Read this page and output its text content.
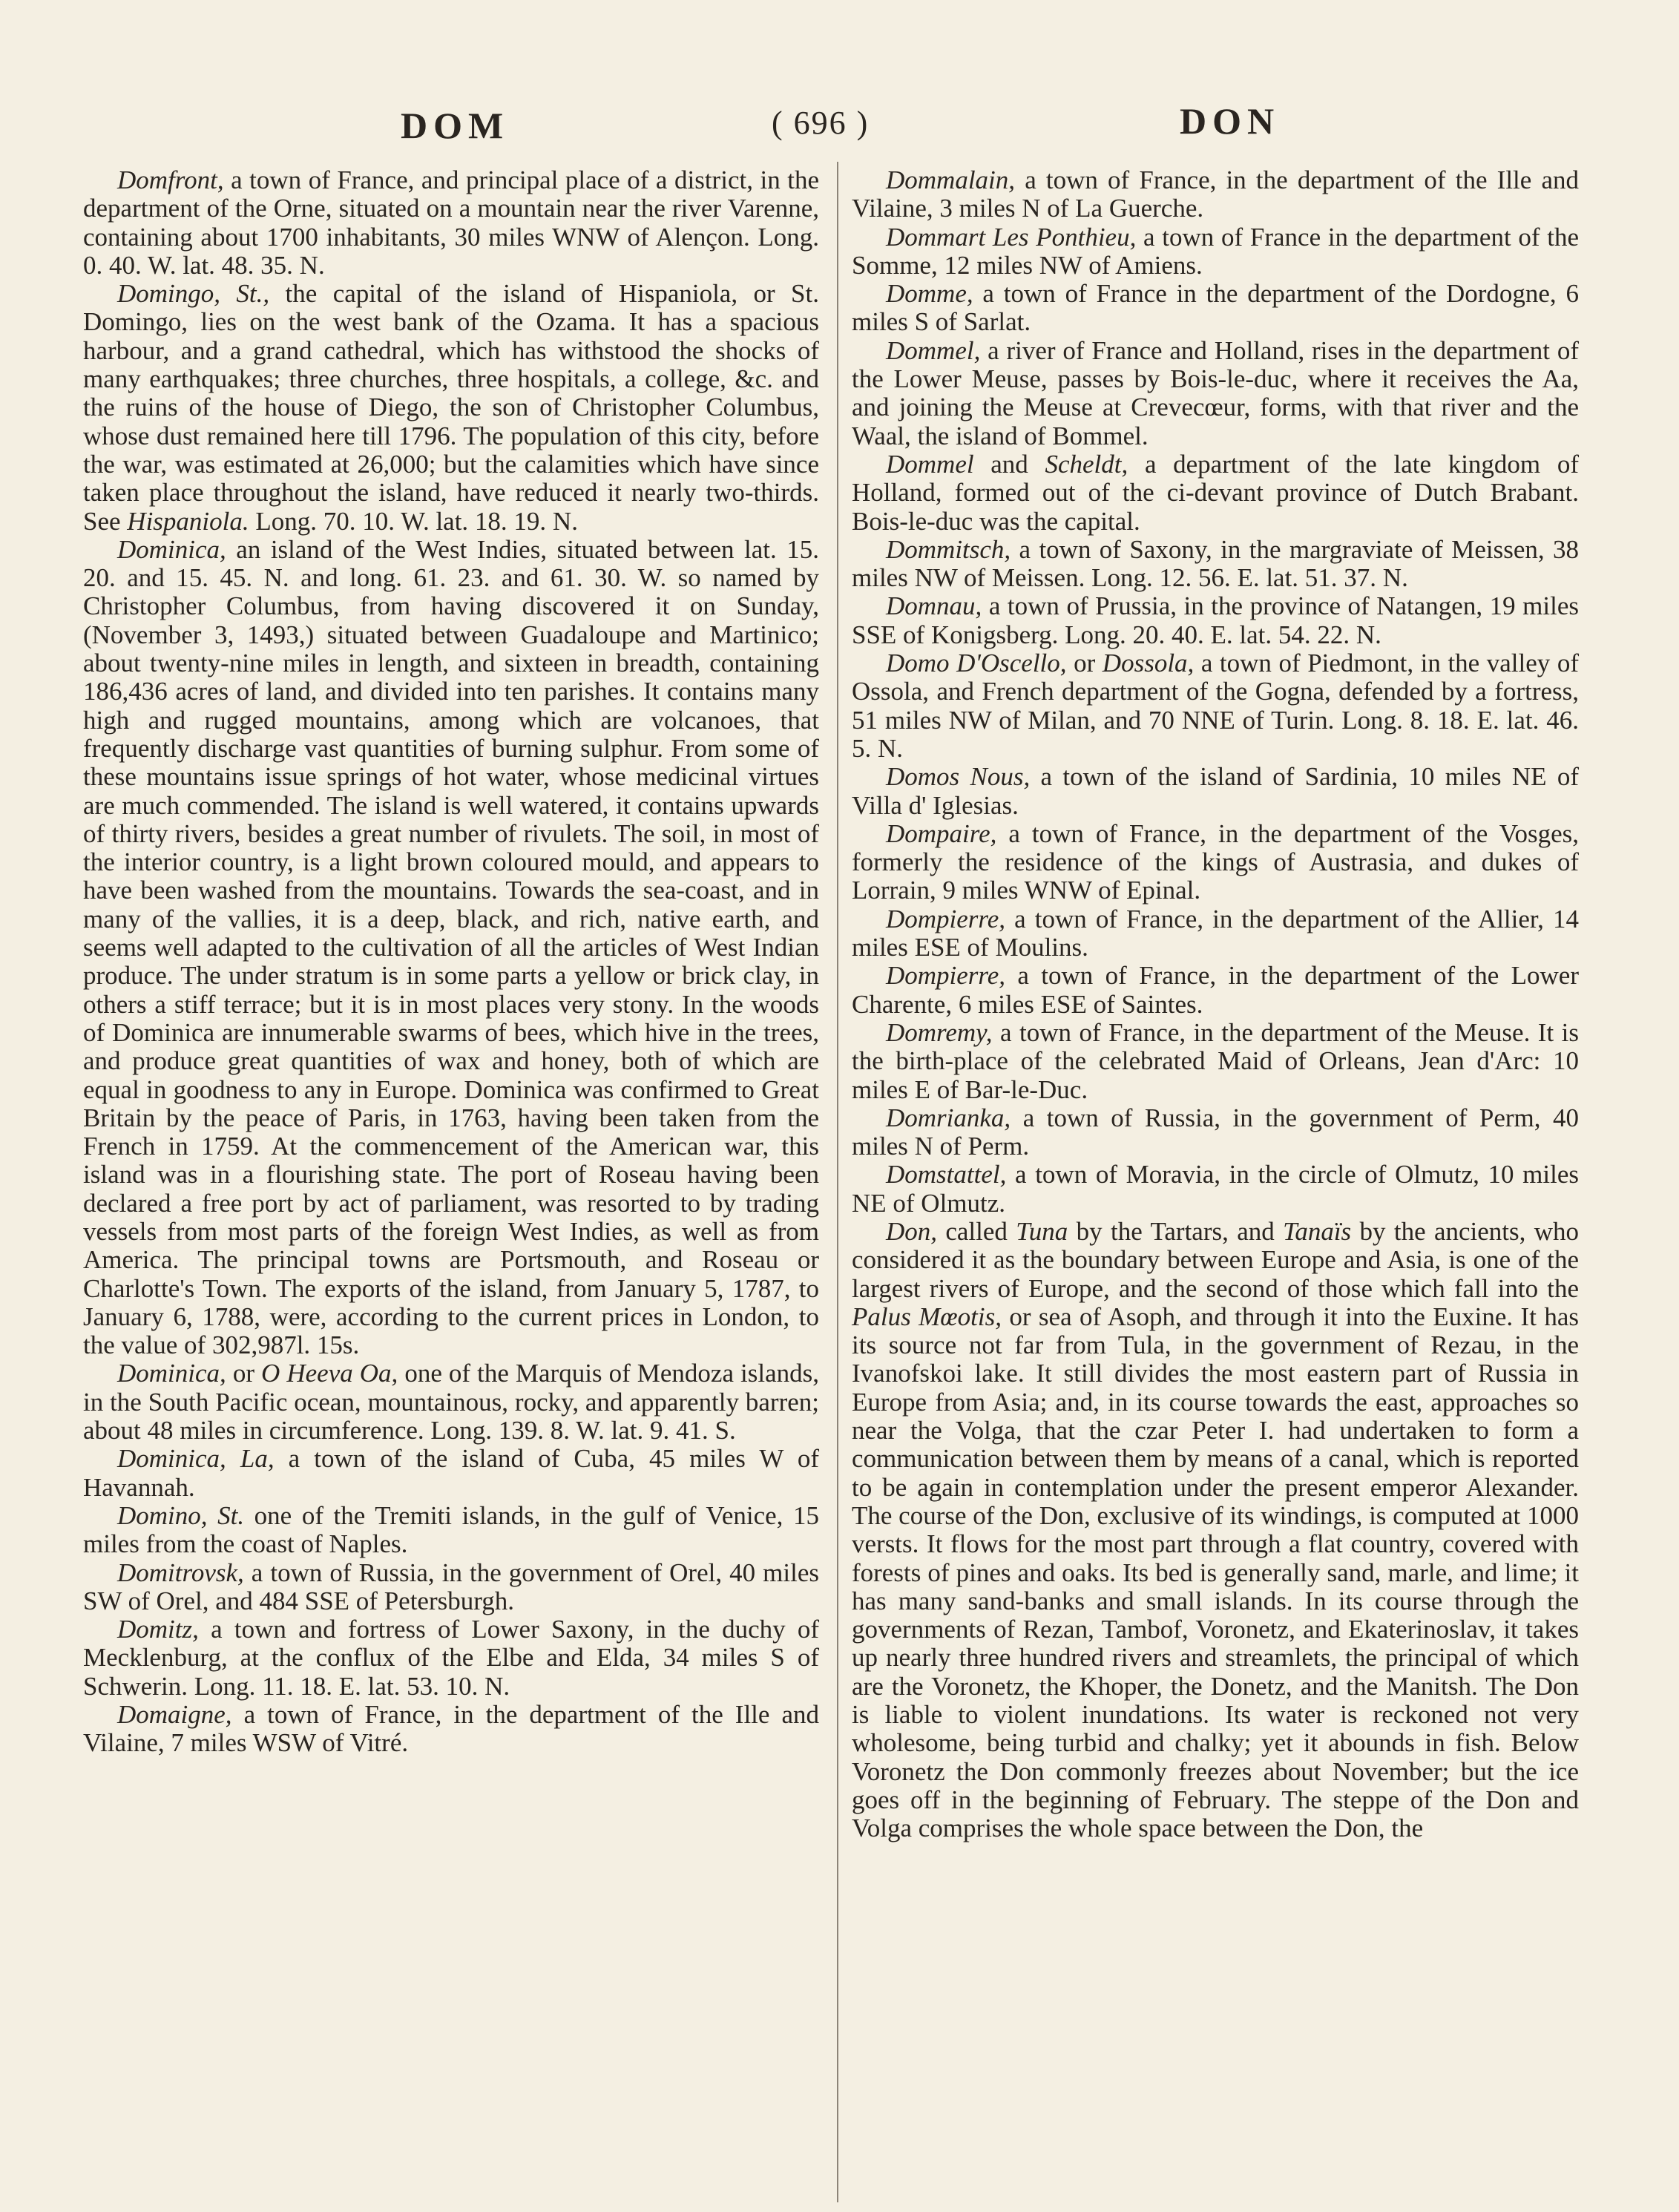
DOM	( 696 )	DON

Domfront, a town of France, and principal place of a district, in the department of the Orne, situated on a mountain near the river Varenne, containing about 1700 inhabitants, 30 miles WNW of Alençon. Long. 0. 40. W. lat. 48. 35. N.

Domingo, St., the capital of the island of Hispaniola, or St. Domingo, lies on the west bank of the Ozama. It has a spacious harbour, and a grand cathedral, which has withstood the shocks of many earthquakes; three churches, three hospitals, a college, &c. and the ruins of the house of Diego, the son of Christopher Columbus, whose dust remained here till 1796. The population of this city, before the war, was estimated at 26,000; but the calamities which have since taken place throughout the island, have reduced it nearly two-thirds. See Hispaniola. Long. 70. 10. W. lat. 18. 19. N.

Dominica, an island of the West Indies, situated between lat. 15. 20. and 15. 45. N. and long. 61. 23. and 61. 30. W. so named by Christopher Columbus, from having discovered it on Sunday, (November 3, 1493,) situated between Guadaloupe and Martinico; about twenty-nine miles in length, and sixteen in breadth, containing 186,436 acres of land, and divided into ten parishes. It contains many high and rugged mountains, among which are volcanoes, that frequently discharge vast quantities of burning sulphur. From some of these mountains issue springs of hot water, whose medicinal virtues are much commended. The island is well watered, it contains upwards of thirty rivers, besides a great number of rivulets. The soil, in most of the interior country, is a light brown coloured mould, and appears to have been washed from the mountains. Towards the sea-coast, and in many of the vallies, it is a deep, black, and rich, native earth, and seems well adapted to the cultivation of all the articles of West Indian produce. The under stratum is in some parts a yellow or brick clay, in others a stiff terrace; but it is in most places very stony. In the woods of Dominica are innumerable swarms of bees, which hive in the trees, and produce great quantities of wax and honey, both of which are equal in goodness to any in Europe. Dominica was confirmed to Great Britain by the peace of Paris, in 1763, having been taken from the French in 1759. At the commencement of the American war, this island was in a flourishing state. The port of Roseau having been declared a free port by act of parliament, was resorted to by trading vessels from most parts of the foreign West Indies, as well as from America. The principal towns are Portsmouth, and Roseau or Charlotte's Town. The exports of the island, from January 5, 1787, to January 6, 1788, were, according to the current prices in London, to the value of 302,987l. 15s.

Dominica, or O Heeva Oa, one of the Marquis of Mendoza islands, in the South Pacific ocean, mountainous, rocky, and apparently barren; about 48 miles in circumference. Long. 139. 8. W. lat. 9. 41. S.

Dominica, La, a town of the island of Cuba, 45 miles W of Havannah.

Domino, St. one of the Tremiti islands, in the gulf of Venice, 15 miles from the coast of Naples.

Domitrovsk, a town of Russia, in the government of Orel, 40 miles SW of Orel, and 484 SSE of Petersburgh.

Domitz, a town and fortress of Lower Saxony, in the duchy of Mecklenburg, at the conflux of the Elbe and Elda, 34 miles S of Schwerin. Long. 11. 18. E. lat. 53. 10. N.

Domaigne, a town of France, in the department of the Ille and Vilaine, 7 miles WSW of Vitré.

Dommalain, a town of France, in the department of the Ille and Vilaine, 3 miles N of La Guerche.

Dommart Les Ponthieu, a town of France in the department of the Somme, 12 miles NW of Amiens.

Domme, a town of France in the department of the Dordogne, 6 miles S of Sarlat.

Dommel, a river of France and Holland, rises in the department of the Lower Meuse, passes by Bois-le-duc, where it receives the Aa, and joining the Meuse at Crevecœur, forms, with that river and the Waal, the island of Bommel.

Dommel and Scheldt, a department of the late kingdom of Holland, formed out of the ci-devant province of Dutch Brabant. Bois-le-duc was the capital.

Dommitsch, a town of Saxony, in the margraviate of Meissen, 38 miles NW of Meissen. Long. 12. 56. E. lat. 51. 37. N.

Domnau, a town of Prussia, in the province of Natangen, 19 miles SSE of Konigsberg. Long. 20. 40. E. lat. 54. 22. N.

Domo D'Oscello, or Dossola, a town of Piedmont, in the valley of Ossola, and French department of the Gogna, defended by a fortress, 51 miles NW of Milan, and 70 NNE of Turin. Long. 8. 18. E. lat. 46. 5. N.

Domos Nous, a town of the island of Sardinia, 10 miles NE of Villa d' Iglesias.

Dompaire, a town of France, in the department of the Vosges, formerly the residence of the kings of Austrasia, and dukes of Lorrain, 9 miles WNW of Epinal.

Dompierre, a town of France, in the department of the Allier, 14 miles ESE of Moulins.

Dompierre, a town of France, in the department of the Lower Charente, 6 miles ESE of Saintes.

Domremy, a town of France, in the department of the Meuse. It is the birth-place of the celebrated Maid of Orleans, Jean d'Arc: 10 miles E of Bar-le-Duc.

Domrianka, a town of Russia, in the government of Perm, 40 miles N of Perm.

Domstattel, a town of Moravia, in the circle of Olmutz, 10 miles NE of Olmutz.

Don, called Tuna by the Tartars, and Tanaïs by the ancients, who considered it as the boundary between Europe and Asia, is one of the largest rivers of Europe, and the second of those which fall into the Palus Mœotis, or sea of Asoph, and through it into the Euxine. It has its source not far from Tula, in the government of Rezau, in the Ivanofskoi lake. It still divides the most eastern part of Russia in Europe from Asia; and, in its course towards the east, approaches so near the Volga, that the czar Peter I. had undertaken to form a communication between them by means of a canal, which is reported to be again in contemplation under the present emperor Alexander. The course of the Don, exclusive of its windings, is computed at 1000 versts. It flows for the most part through a flat country, covered with forests of pines and oaks. Its bed is generally sand, marle, and lime; it has many sand-banks and small islands. In its course through the governments of Rezan, Tambof, Voronetz, and Ekaterinoslav, it takes up nearly three hundred rivers and streamlets, the principal of which are the Voronetz, the Khoper, the Donetz, and the Manitsh. The Don is liable to violent inundations. Its water is reckoned not very wholesome, being turbid and chalky; yet it abounds in fish. Below Voronetz the Don commonly freezes about November; but the ice goes off in the beginning of February. The steppe of the Don and Volga comprises the whole space between the Don, the
